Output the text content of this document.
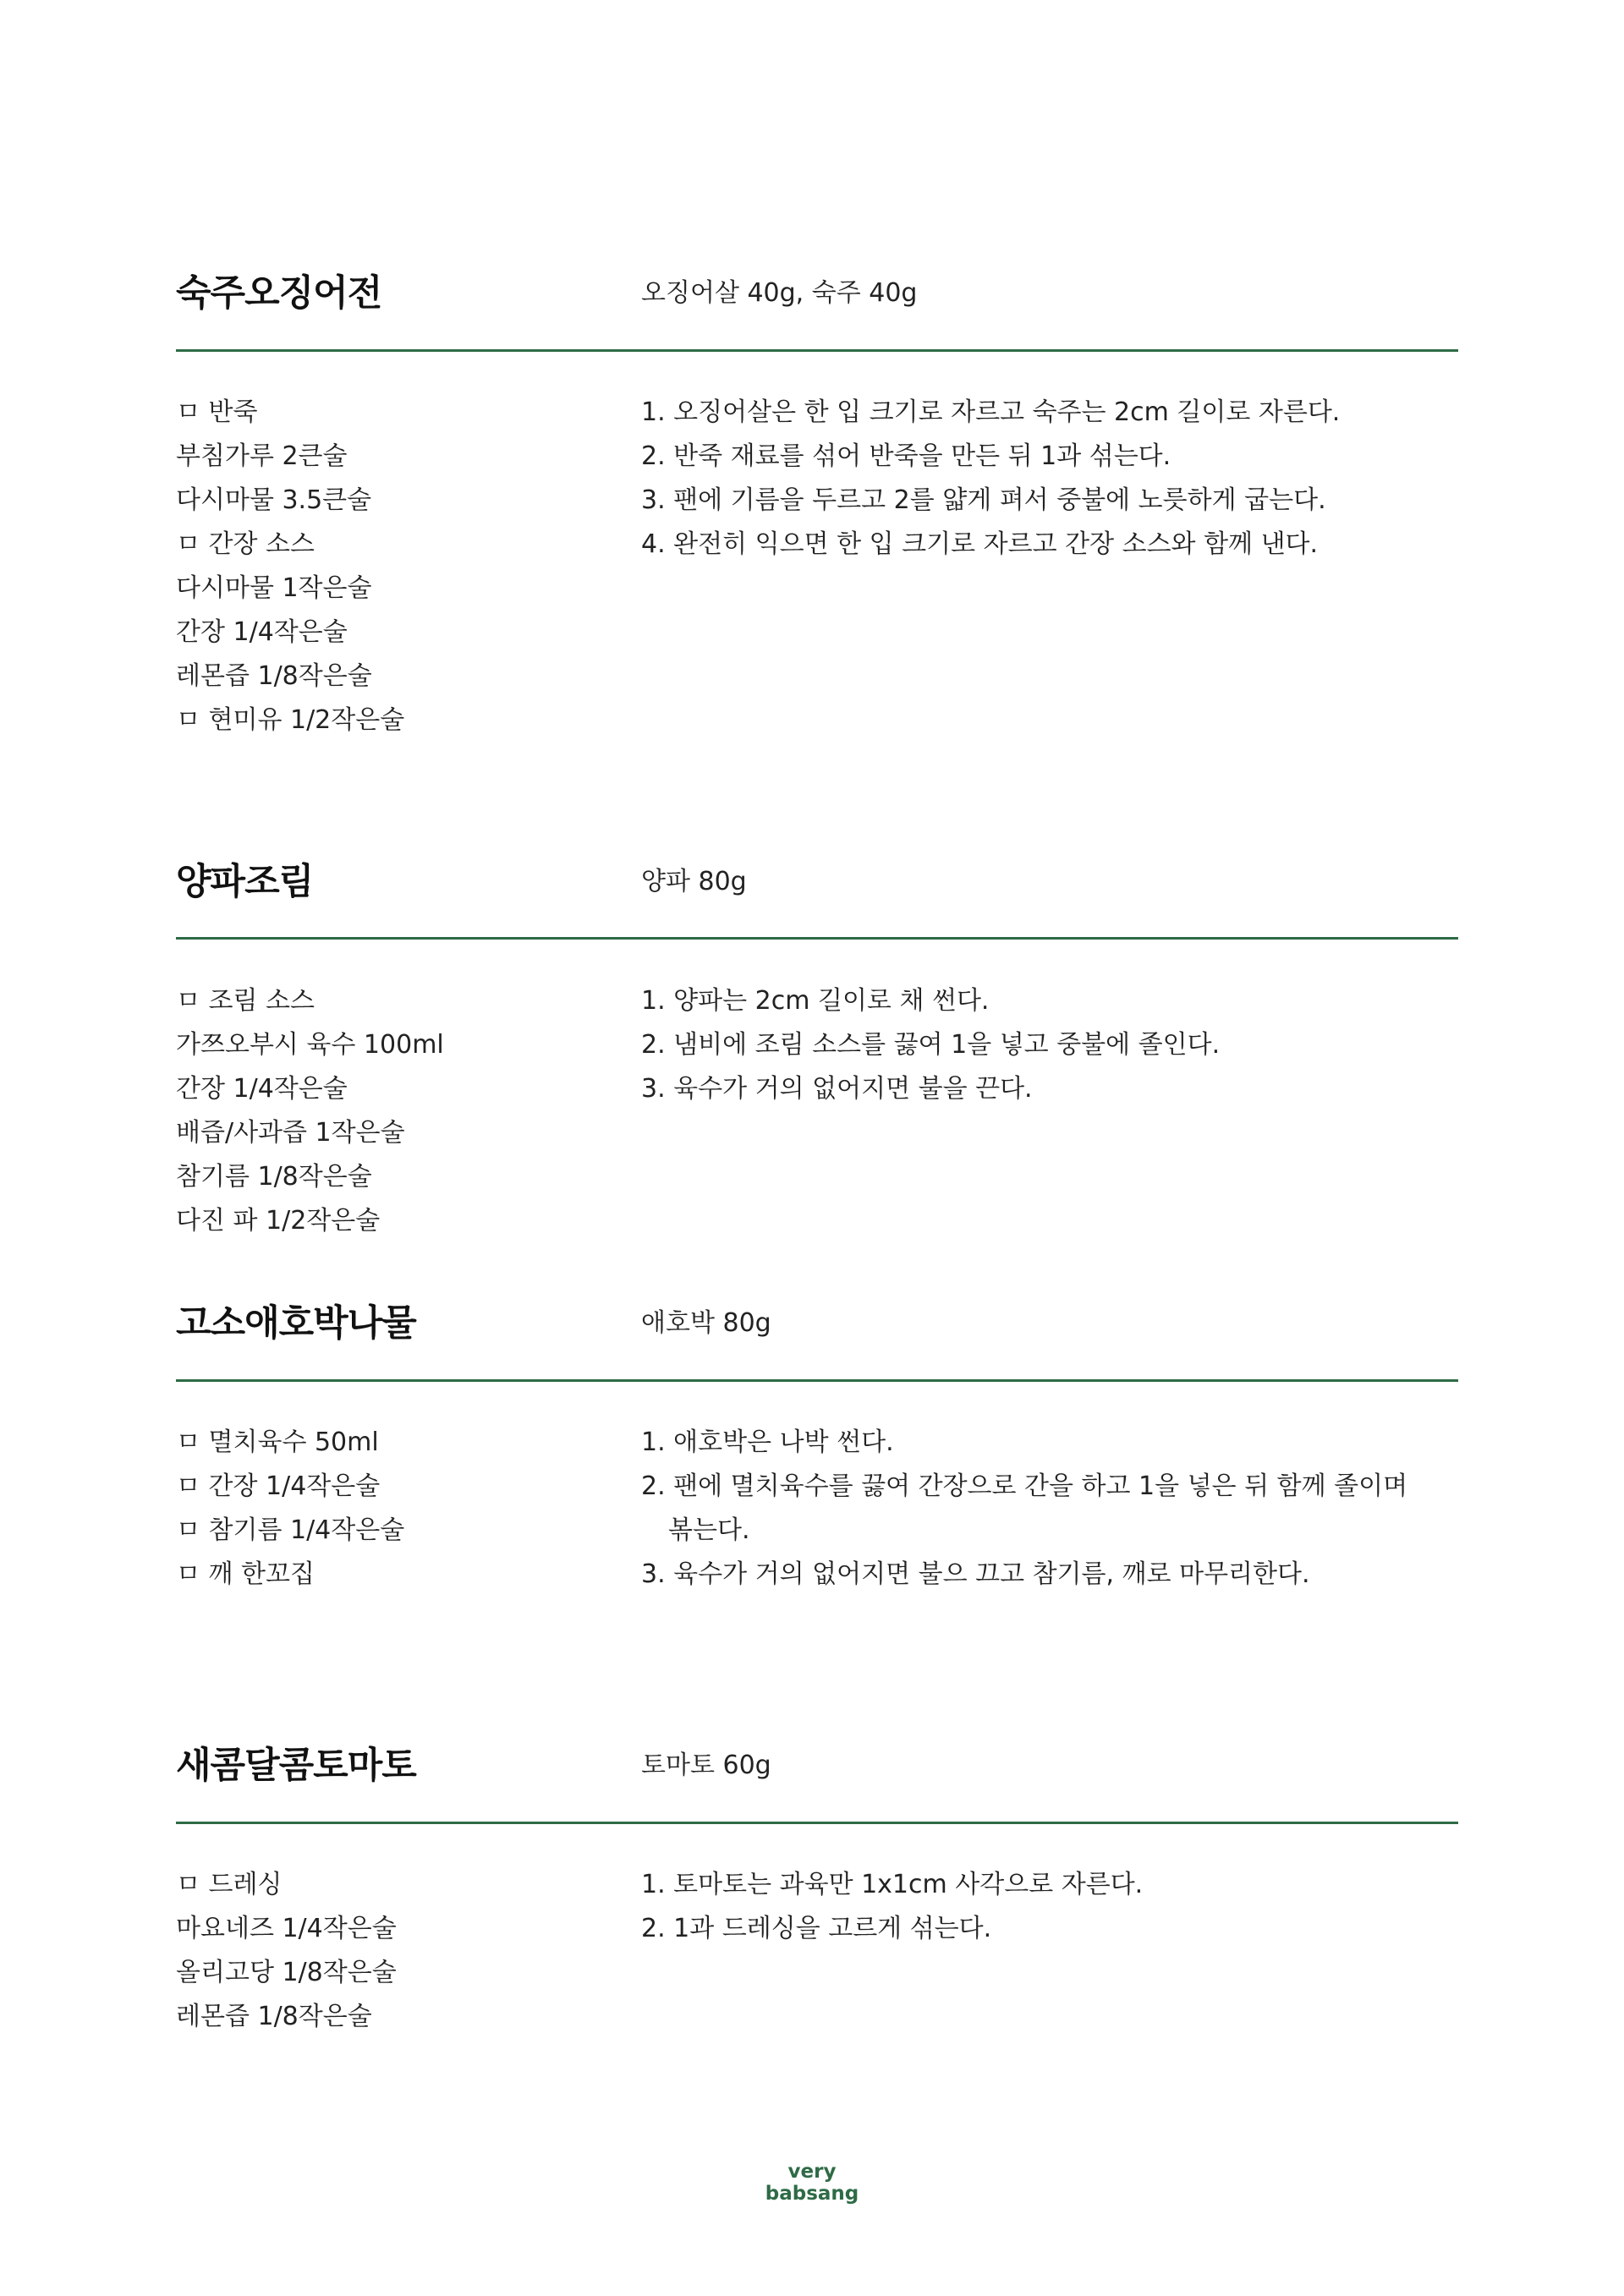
숙주오징어전	오징어살 40g, 숙주 40g
ㅁ 반죽
부침가루 2큰술
다시마물 3.5큰술
ㅁ 간장 소스
다시마물 1작은술
간장 1/4작은술
레몬즙 1/8작은술
ㅁ 현미유 1/2작은술
1. 오징어살은 한 입 크기로 자르고 숙주는 2cm 길이로 자른다.
2. 반죽 재료를 섞어 반죽을 만든 뒤 1과 섞는다.
3. 팬에 기름을 두르고 2를 얇게 펴서 중불에 노릇하게 굽는다.
4. 완전히 익으면 한 입 크기로 자르고 간장 소스와 함께 낸다.
양파조림	양파 80g
ㅁ 조림 소스
가쯔오부시 육수 100ml
간장 1/4작은술
배즙/사과즙 1작은술
참기름 1/8작은술
다진 파 1/2작은술
1. 양파는 2cm 길이로 채 썬다.
2. 냄비에 조림 소스를 끓여 1을 넣고 중불에 졸인다.
3. 육수가 거의 없어지면 불을 끈다.
고소애호박나물	애호박 80g
ㅁ 멸치육수 50ml
ㅁ 간장 1/4작은술
ㅁ 참기름 1/4작은술
ㅁ 깨 한꼬집
1. 애호박은 나박 썬다.
2. 팬에 멸치육수를 끓여 간장으로 간을 하고 1을 넣은 뒤 함께 졸이며 볶는다.
3. 육수가 거의 없어지면 불으 끄고 참기름, 깨로 마무리한다.
새콤달콤토마토	토마토 60g
ㅁ 드레싱
마요네즈 1/4작은술
올리고당 1/8작은술
레몬즙 1/8작은술
1. 토마토는 과육만 1x1cm 사각으로 자른다.
2. 1과 드레싱을 고르게 섞는다.
very
babsang
